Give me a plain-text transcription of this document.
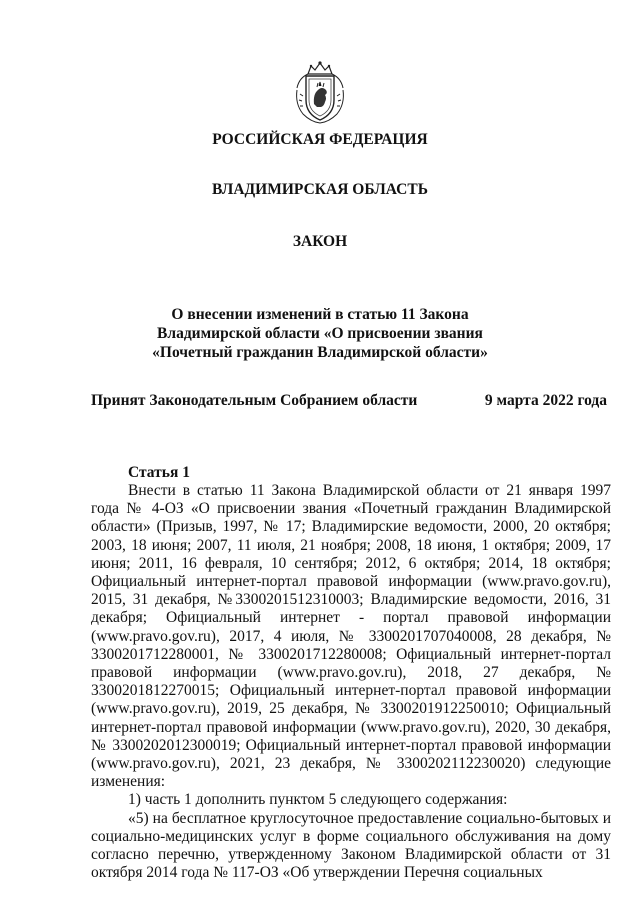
РОССИЙСКАЯ ФЕДЕРАЦИЯ
ВЛАДИМИРСКАЯ ОБЛАСТЬ
ЗАКОН
О внесении изменений в статью 11 Закона
Владимирской области «О присвоении звания
«Почетный гражданин Владимирской области»
Принят Законодательным Собранием области	9 марта 2022 года
Статья 1

Внести в статью 11 Закона Владимирской области от 21 января 1997 года № 4-ОЗ «О присвоении звания «Почетный гражданин Владимирской области» (Призыв, 1997, № 17; Владимирские ведомости, 2000, 20 октября; 2003, 18 июня; 2007, 11 июля, 21 ноября; 2008, 18 июня, 1 октября; 2009, 17 июня; 2011, 16 февраля, 10 сентября; 2012, 6 октября; 2014, 18 октября; Официальный интернет-портал правовой информации (www.pravo.gov.ru), 2015, 31 декабря, №3300201512310003; Владимирские ведомости, 2016, 31 декабря; Официальный интернет - портал правовой информации (www.pravo.gov.ru), 2017, 4 июля, № 3300201707040008, 28 декабря, № 3300201712280001, № 3300201712280008; Официальный интернет-портал правовой информации (www.pravo.gov.ru), 2018, 27 декабря, № 3300201812270015; Официальный интернет-портал правовой информации (www.pravo.gov.ru), 2019, 25 декабря, № 3300201912250010; Официальный интернет-портал правовой информации (www.pravo.gov.ru), 2020, 30 декабря, № 3300202012300019; Официальный интернет-портал правовой информации (www.pravo.gov.ru), 2021, 23 декабря, № 3300202112230020) следующие изменения:

1) часть 1 дополнить пунктом 5 следующего содержания:

«5) на бесплатное круглосуточное предоставление социально-бытовых и социально-медицинских услуг в форме социального обслуживания на дому согласно перечню, утвержденному Законом Владимирской области от 31 октября 2014 года № 117-ОЗ «Об утверждении Перечня социальных
